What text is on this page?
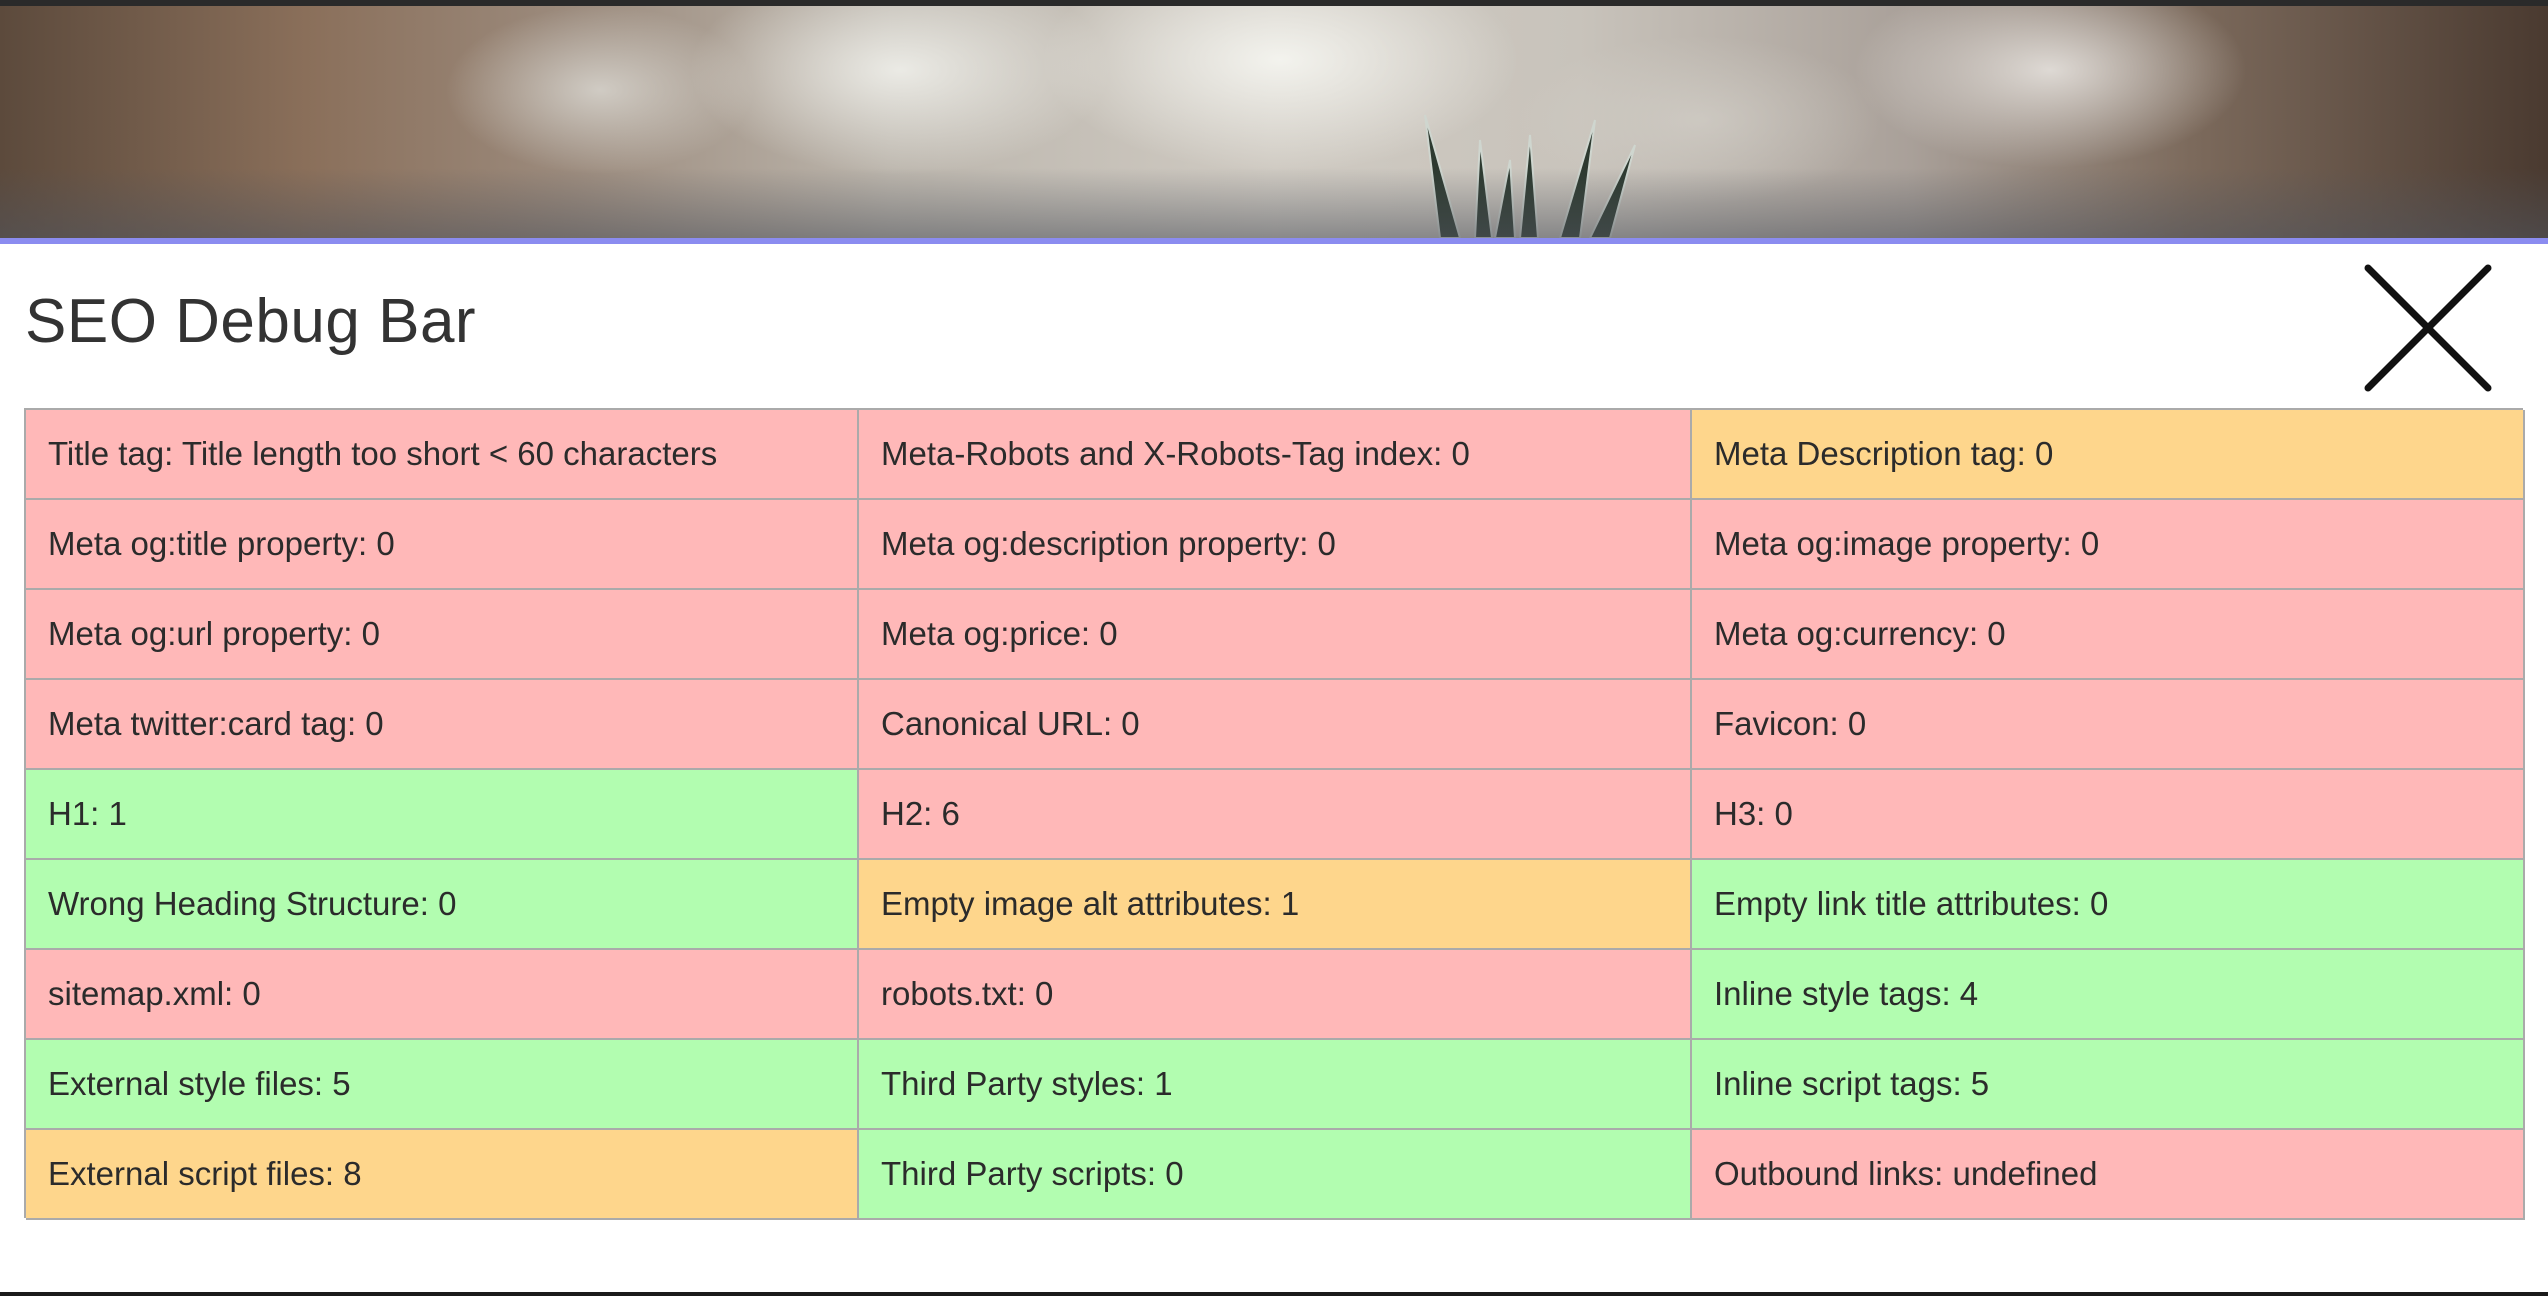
SEO Debug Bar
Title tag: Title length too short < 60 characters	Meta-Robots and X-Robots-Tag index: 0	Meta Description tag: 0
Meta og:title property: 0	Meta og:description property: 0	Meta og:image property: 0
Meta og:url property: 0	Meta og:price: 0	Meta og:currency: 0
Meta twitter:card tag: 0	Canonical URL: 0	Favicon: 0
H1: 1	H2: 6	H3: 0
Wrong Heading Structure: 0	Empty image alt attributes: 1	Empty link title attributes: 0
sitemap.xml: 0	robots.txt: 0	Inline style tags: 4
External style files: 5	Third Party styles: 1	Inline script tags: 5
External script files: 8	Third Party scripts: 0	Outbound links: undefined
